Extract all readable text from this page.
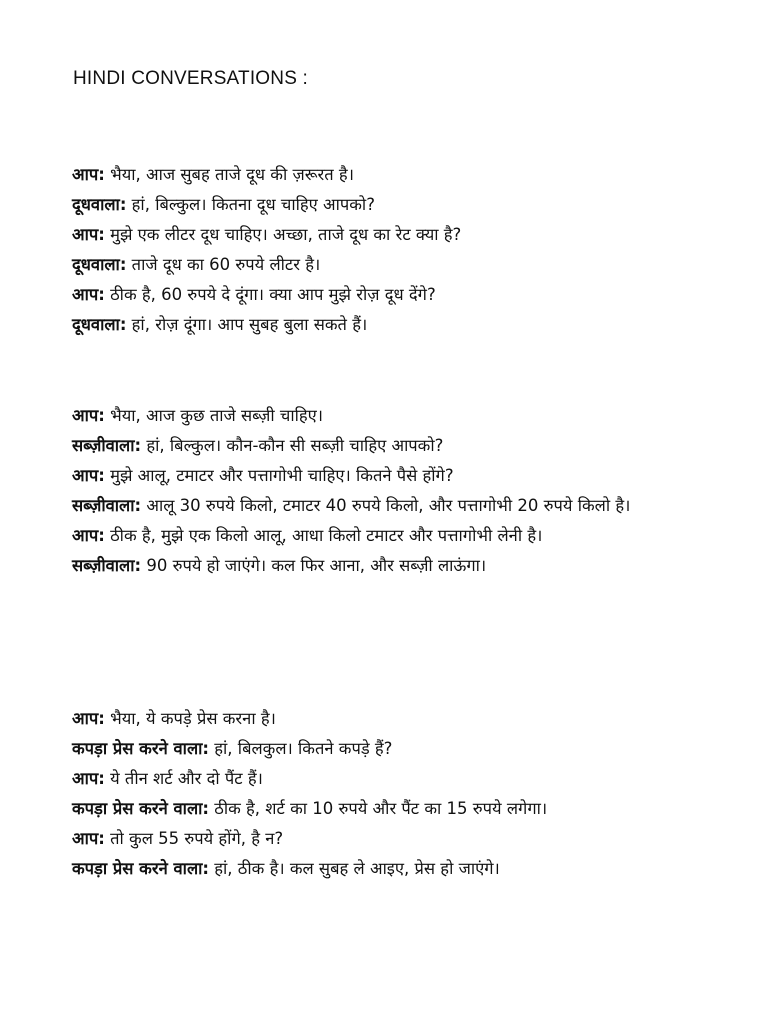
HINDI CONVERSATIONS :

आप: भैया, आज सुबह ताजे दूध की ज़रूरत है।

दूधवाला: हां, बिल्कुल। कितना दूध चाहिए आपको?

आप: मुझे एक लीटर दूध चाहिए। अच्छा, ताजे दूध का रेट क्या है?

दूधवाला: ताजे दूध का 60 रुपये लीटर है।

आप: ठीक है, 60 रुपये दे दूंगा। क्या आप मुझे रोज़ दूध देंगे?

दूधवाला: हां, रोज़ दूंगा। आप सुबह बुला सकते हैं।

आप: भैया, आज कुछ ताजे सब्ज़ी चाहिए।

सब्ज़ीवाला: हां, बिल्कुल। कौन-कौन सी सब्ज़ी चाहिए आपको?

आप: मुझे आलू, टमाटर और पत्तागोभी चाहिए। कितने पैसे होंगे?

सब्ज़ीवाला: आलू 30 रुपये किलो, टमाटर 40 रुपये किलो, और पत्तागोभी 20 रुपये किलो है।

आप: ठीक है, मुझे एक किलो आलू, आधा किलो टमाटर और पत्तागोभी लेनी है।

सब्ज़ीवाला: 90 रुपये हो जाएंगे। कल फिर आना, और सब्ज़ी लाऊंगा।

आप: भैया, ये कपड़े प्रेस करना है।

कपड़ा प्रेस करने वाला: हां, बिलकुल। कितने कपड़े हैं?

आप: ये तीन शर्ट और दो पैंट हैं।

कपड़ा प्रेस करने वाला: ठीक है, शर्ट का 10 रुपये और पैंट का 15 रुपये लगेगा।

आप: तो कुल 55 रुपये होंगे, है न?

कपड़ा प्रेस करने वाला: हां, ठीक है। कल सुबह ले आइए, प्रेस हो जाएंगे।
